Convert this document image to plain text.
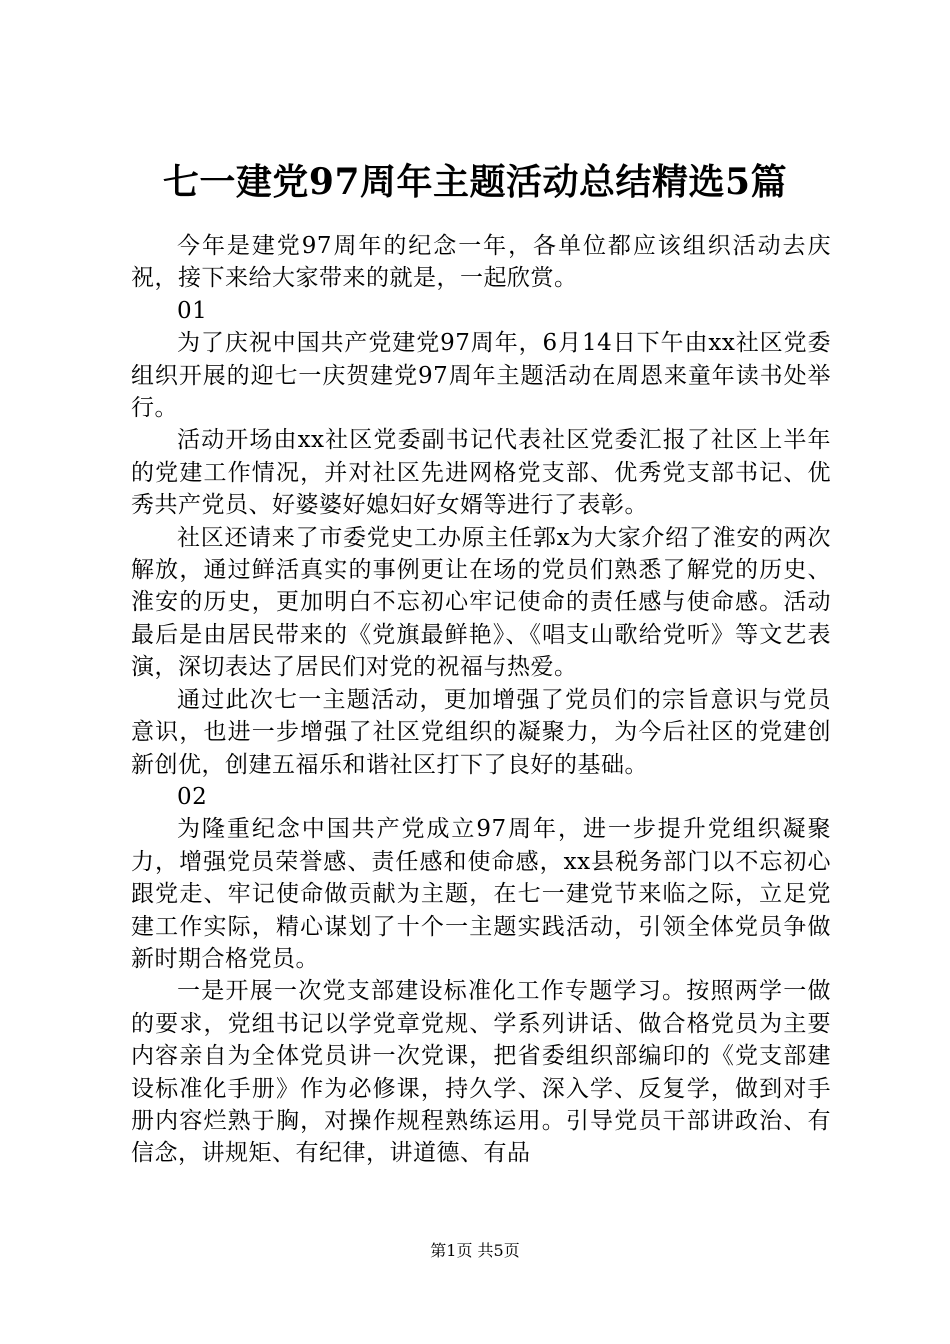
七一建党97周年主题活动总结精选5篇

今年是建党97周年的纪念一年，各单位都应该组织活动去庆祝，接下来给大家带来的就是，一起欣赏。

01

为了庆祝中国共产党建党97周年，6月14日下午由xx社区党委组织开展的迎七一庆贺建党97周年主题活动在周恩来童年读书处举行。

活动开场由xx社区党委副书记代表社区党委汇报了社区上半年的党建工作情况，并对社区先进网格党支部、优秀党支部书记、优秀共产党员、好婆婆好媳妇好女婿等进行了表彰。

社区还请来了市委党史工办原主任郭x为大家介绍了淮安的两次解放，通过鲜活真实的事例更让在场的党员们熟悉了解党的历史、淮安的历史，更加明白不忘初心牢记使命的责任感与使命感。活动最后是由居民带来的《党旗最鲜艳》、《唱支山歌给党听》等文艺表演，深切表达了居民们对党的祝福与热爱。

通过此次七一主题活动，更加增强了党员们的宗旨意识与党员意识，也进一步增强了社区党组织的凝聚力，为今后社区的党建创新创优，创建五福乐和谐社区打下了良好的基础。

02

为隆重纪念中国共产党成立97周年，进一步提升党组织凝聚力，增强党员荣誉感、责任感和使命感，xx县税务部门以不忘初心跟党走、牢记使命做贡献为主题，在七一建党节来临之际，立足党建工作实际，精心谋划了十个一主题实践活动，引领全体党员争做新时期合格党员。

一是开展一次党支部建设标准化工作专题学习。按照两学一做的要求，党组书记以学党章党规、学系列讲话、做合格党员为主要内容亲自为全体党员讲一次党课，把省委组织部编印的《党支部建设标准化手册》作为必修课，持久学、深入学、反复学，做到对手册内容烂熟于胸，对操作规程熟练运用。引导党员干部讲政治、有信念，讲规矩、有纪律，讲道德、有品

第1页 共5页
